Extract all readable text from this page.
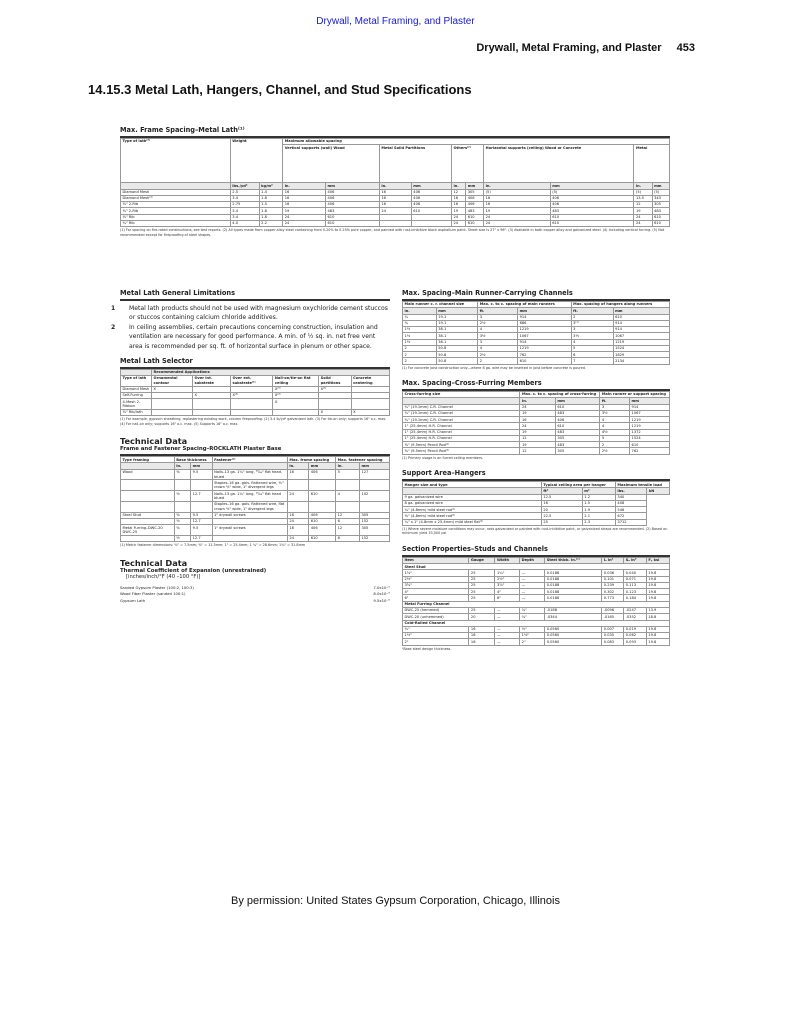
Drywall, Metal Framing, and Plaster
Drywall, Metal Framing, and Plaster 453
14.15.3 Metal Lath, Hangers, Channel, and Stud Specifications
Max. Frame Spacing–Metal Lath⁽¹⁾
Type of lath⁽³⁾	Weight		Maximum allowable spacing									
			Vertical supports (wall) Wood		Metal Solid Partitions		Others⁽²⁾		Horizontal supports (ceiling) Wood or Concrete		Metal	
	lbs./yd²	kg/m²	in.	mm	in.	mm	in.	mm	in.	mm	in.	mm
Diamond Mesh	2.5	1.4	16	406	16	406	12	305	(5)	(5)	(5)	(5)
Diamond Mesh⁽⁴⁾	3.4	1.8	16	406	16	406	16	406	16	406	13.5	343
⅜" 2-Rib	2.75	1.5	16	406	16	406	16	406	16	406	12	305
⅜" 2-Rib	3.4	1.8	19	483	24	610	19	483	19	483	19	483
⅜" Rib	3.4	1.8	24	610			24	610	24	610	24	610
¾" Rib	4.0	2.2	24	610			24	610	24	610	24	610
(1) For spacing on fire-rated constructions, see test reports. (2) All types made from copper alloy steel containing from 0.20% to 0.25% pure copper, and painted with rust-inhibitive black asphaltum paint. Sheet size is 27" x 96". (3) Available in both copper alloy and galvanized steel. (4) Including vertical furring. (5) Not recommended except for fireproofing of steel shapes.
Metal Lath General Limitations
1 Metal lath products should not be used with magnesium oxychloride cement stuccos or stuccos containing calcium chloride additives.
2 In ceiling assemblies, certain precautions concerning construction, insulation and ventilation are necessary for good performance. A min. of ½ sq. in. net free vent area is recommended per sq. ft. of horizontal surface in plenum or other space.
Metal Lath Selector
	Recommended Applications					
Type of lath	Ornamental contour	Over int. substrate	Over ext. substrate⁽¹⁾	Nail-on/tie-on flat ceiling	Solid partitions	Concrete centering
Diamond Mesh	X			X⁽³⁾	X⁽⁵⁾	
Self-Furring		X	X⁽²⁾	X⁽⁴⁾		
4-Mesh 2-Ribbon				X		
⅜" Rib/lath					X	X
(1) For example, gypsum sheathing, replastering existing work, column fireproofing. (2) 3.4 lb/yd² galvanized lath. (3) For tie-on only; supports 16" o.c. max. (4) For nail-on only; supports 16" o.c. max. (5) Supports 16" o.c. max.
Technical Data
Frame and Fastener Spacing–ROCKLATH Plaster Base
Type framing	Base thickness		Fastener⁽¹⁾	Max. frame spacing		Max. fastener spacing	
	in.	mm		in.	mm	in.	mm
Wood	⅜	9.5	Nails–13 ga. 1¼" long, ¹⁹⁄₆₄" flat head, blued	16	406	5	127
			Staples–16 ga. galv. flattened wire, ⅗" crown ⅗" wide, 1" divergent legs				
	½	12.7	Nails–13 ga. 1¼" long, ¹⁹⁄₆₄" flat head blued	24	610	4	102
			Staples–16 ga. galv. flattened wire, flat crown ⅗" wide, 1" divergent legs				
Steel Stud	⅜	9.5	1" drywall screws	16	406	12	305
	½	12.7		24	610	6	152
Metal Furring–DWC-20 DWC-25	⅜	9.5	1" drywall screws	16	406	12	305
	½	12.7		24	610	6	152
(1) Metric fastener dimensions: ⅜" = 7.5mm; ⅜" = 11.5mm; 1" = 25.4mm; 1 ¼" = 28.6mm; 1¾" = 31.8mm
Technical Data
Thermal Coefficient of Expansion (unrestrained)
[inches/inch/°F (40 –100 °F)]
Sanded Gypsum Plaster (100:2, 100:3)	7.0x10⁻⁶
Wood Fiber Plaster (sanded 100:1)	8.0x10⁻⁶
Gypsum Lath	9.5x10⁻⁶
Max. Spacing–Main Runner-Carrying Channels
Main runner c. r. channel size		Max. c. to c. spacing of main runners		Max. spacing of hangers along runners	
in.	mm	ft.	mm	ft.	mm
¾	19.1	3	914	2	610
¾	19.1	2½	686	3⁽¹⁾	914
1½	38.1	4	1219	3	914
1½	38.1	3½	1067	3½	1067
1½	38.1	3	914	4	1219
2	50.8	4	1219	5	1524
2	50.8	2½	762	6	1829
2	50.8	2	610	7	2134
(1) For concrete joist construction only—where 8 ga. wire may be inserted in joist before concrete is poured.
Max. Spacing–Cross-Furring Members
Cross-furring size	Max. c. to c. spacing of cross-furring		Main runner or support spacing	
	in.	mm	ft.	mm
¾" (19.1mm) C.R. Channel	24	610	3	914
¾" (19.1mm) C.R. Channel	19	483	3½	1067
¾" (19.1mm) C.R. Channel	16	406	4	1219
1" (25.4mm) H.R. Channel	24	610	4	1219
1" (25.4mm) H.R. Channel	19	483	4½	1372
1" (25.4mm) H.R. Channel	12	305	5	1524
⅜" (9.5mm) Pencil Rod⁽¹⁾	19	483	2	610
⅜" (9.5mm) Pencil Rod⁽¹⁾	12	305	2½	762
(1) Primary usage is on furred ceiling members.
Support Area–Hangers
Hanger size and type	Typical ceiling area per hanger		Maximum tensile load	
	ft²	m²	lbs.	kN
9 ga. galvanized wire	12.5	1.2	340	
8 ga. galvanized wire	16	1.5	408	
¼" (4.8mm) mild steel rod⁽¹⁾	20	1.9	546	
⅜" (4.8mm) mild steel rod⁽¹⁾	22.5	2.1	672	
¼" x 1" (4.8mm x 25.4mm) mild steel flat⁽¹⁾	25	2.3	3712	
(1) Where severe moisture conditions may occur, rods galvanized or painted with rust-inhibitive paint, or galvanized straps are recommended. (2) Based on minimum yield 33,000 psi.
Section Properties–Studs and Channels
Item	Gauge	Width	Depth	Steel thick. in.⁽¹⁾	Iₓ in⁴	Sₓ in³	Fᵧ ksi
Steel Stud							
1⅝"	25	1¼"	—	0.0188	0.036	0.040	19.8
2½"	25	2½"	—	0.0188	0.101	0.071	19.8
3⅝"	25	3⅝"	—	0.0188	0.239	0.113	19.8
4"	25	4"	—	0.0188	0.302	0.123	19.8
6"	25	6"	—	0.0188	0.773	0.184	19.8
Metal Furring Channel							
DWC-25 (hemmed)	25	—	⅞"	.0188	.0096	.0247	13.9
DWC-20 (unhemmed)	20	—	⅞"	.0344	.0165	.0352	18.8
Cold-Rolled Channel							
¾"	16	—	½"	0.0560	0.007	0.019	19.8
1½"	16	—	1½"	0.0560	0.035	0.062	19.8
2"	16	—	2"	0.0560	0.083	0.093	19.8
¹Base steel design thickness.
By permission: United States Gypsum Corporation, Chicago, Illinois
